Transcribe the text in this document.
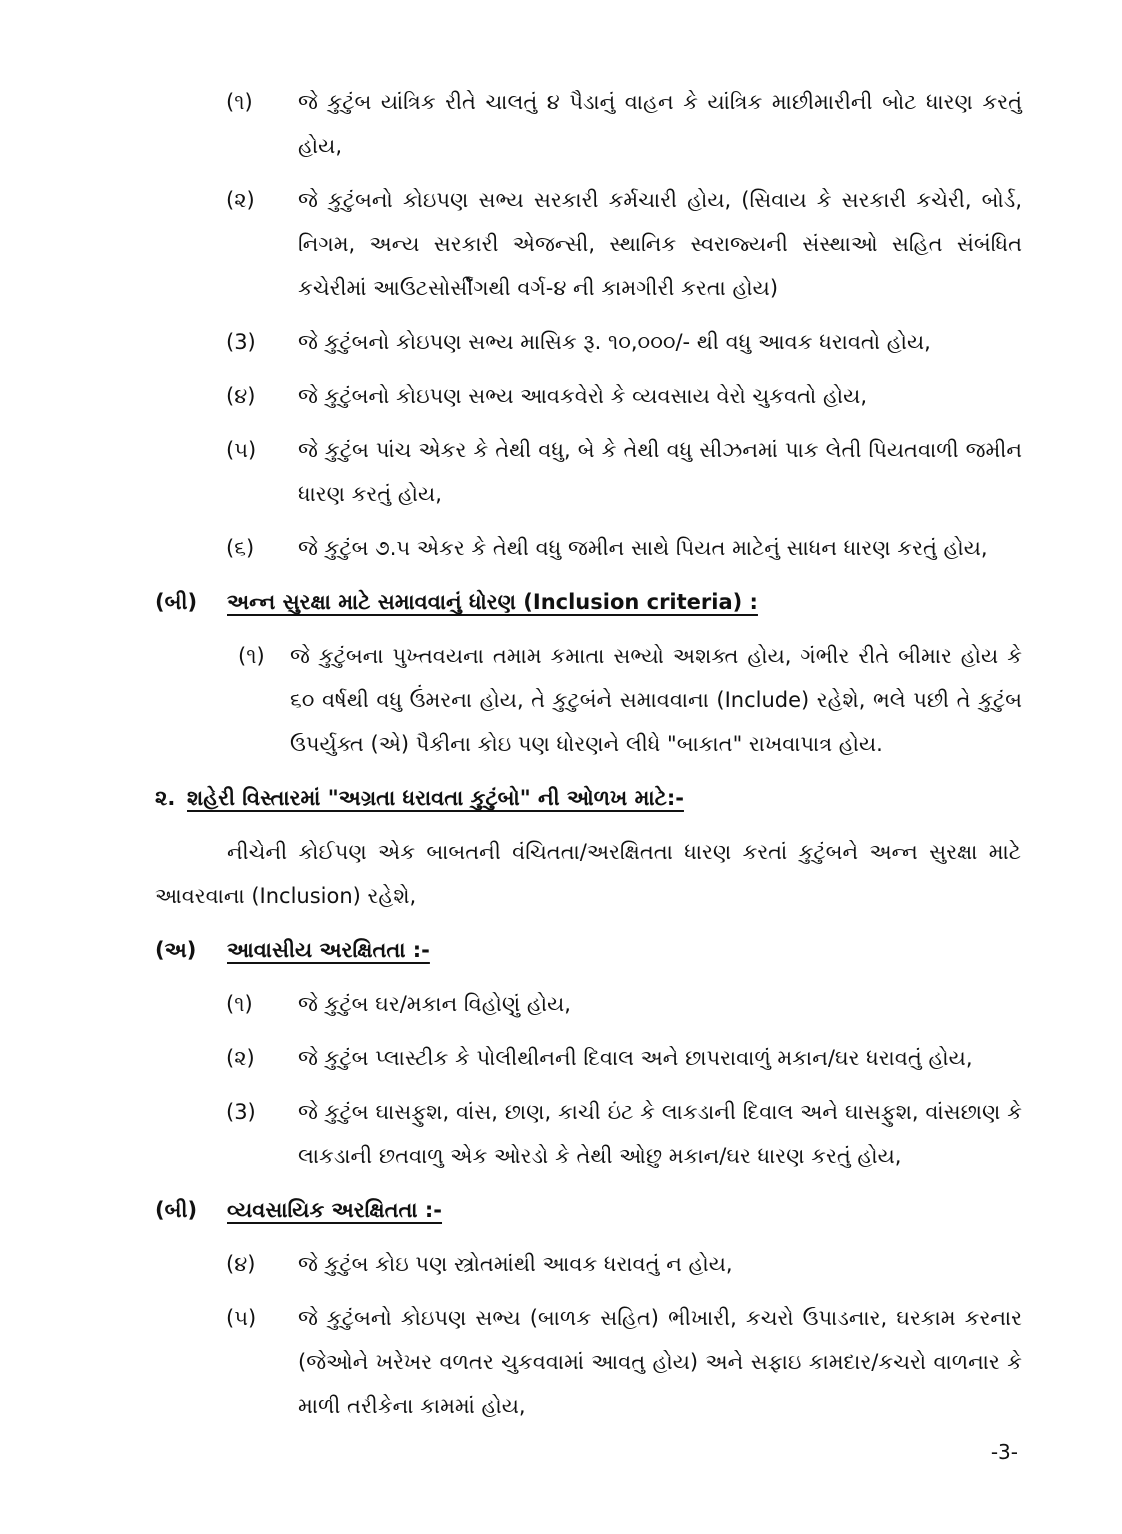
(૧)	જે કુટુંબ યાંત્રિક રીતે ચાલતું ૪ પૈડાનું વાહન કે યાંત્રિક માછીમારીની બોટ ધારણ કરતું હોય,
(૨)	જે કુટુંબનો કોઇપણ સભ્ય સરકારી કર્મચારી હોય, (સિવાય કે સરકારી કચેરી, બોર્ડ, નિગમ, અન્ય સરકારી એજન્સી, સ્થાનિક સ્વરાજ્યની સંસ્થાઓ સહિત સંબંધિત કચેરીમાં આઉટસોર્સીંગથી વર્ગ-૪ ની કામગીરી કરતા હોય)
(3)	જે કુટુંબનો કોઇપણ સભ્ય માસિક રૂ. ૧૦,૦૦૦/- થી વધુ આવક ધરાવતો હોય,
(૪)	જે કુટુંબનો કોઇપણ સભ્ય આવકવેરો કે વ્યવસાય વેરો ચુકવતો હોય,
(૫)	જે કુટુંબ પાંચ એકર કે તેથી વધુ, બે કે તેથી વધુ સીઝનમાં પાક લેતી પિયતવાળી જમીન ધારણ કરતું હોય,
(૬)	જે કુટુંબ ૭.૫ એકર કે તેથી વધુ જમીન સાથે પિયત માટેનું સાધન ધારણ કરતું હોય,
(બી) અન્ન સુરક્ષા માટે સમાવવાનું ધોરણ (Inclusion criteria) :
(૧)	જે કુટુંબના પુખ્તવયના તમામ કમાતા સભ્યો અશક્ત હોય, ગંભીર રીતે બીમાર હોય કે ૬૦ વર્ષથી વધુ ઉંમરના હોય, તે કુટુબંને સમાવવાના (Include) રહેશે, ભલે પછી તે કુટુંબ ઉપર્યુક્ત (એ) પૈકીના કોઇ પણ ધોરણને લીધે "બાકાત" રાખવાપાત્ર હોય.
૨. શહેરી વિસ્તારમાં "અગ્રતા ધરાવતા કુટુંબો" ની ઓળખ માટે:-
નીચેની કોઈપણ એક બાબતની વંચિતતા/અરક્ષિતતા ધારણ કરતાં કુટુંબને અન્ન સુરક્ષા માટે આવરવાના (Inclusion) રહેશે,
(અ) આવાસીય અરક્ષિતતા :-
(૧)	જે કુટુંબ ઘર/મકાન વિહોણું હોય,
(૨)	જે કુટુંબ પ્લાસ્ટીક કે પોલીથીનની દિવાલ અને છાપરાવાળું મકાન/ઘર ધરાવતું હોય,
(3)	જે કુટુંબ ઘાસફુશ, વાંસ, છાણ, કાચી ઇંટ કે લાકડાની દિવાલ અને ઘાસફુશ, વાંસછાણ કે લાકડાની છતવાળુ એક ઓરડો કે તેથી ઓછુ મકાન/ઘર ધારણ કરતું હોય,
(બી) વ્યવસાયિક અરક્ષિતતા :-
(૪)	જે કુટુંબ કોઇ પણ સ્ત્રોતમાંથી આવક ધરાવતું ન હોય,
(૫)	જે કુટુંબનો કોઇપણ સભ્ય (બાળક સહિત) ભીખારી, કચરો ઉપાડનાર, ઘરકામ કરનાર (જેઓને ખરેખર વળતર ચુકવવામાં આવતુ હોય) અને સફાઇ કામદાર/કચરો વાળનાર કે માળી તરીકેના કામમાં હોય,
-3-
